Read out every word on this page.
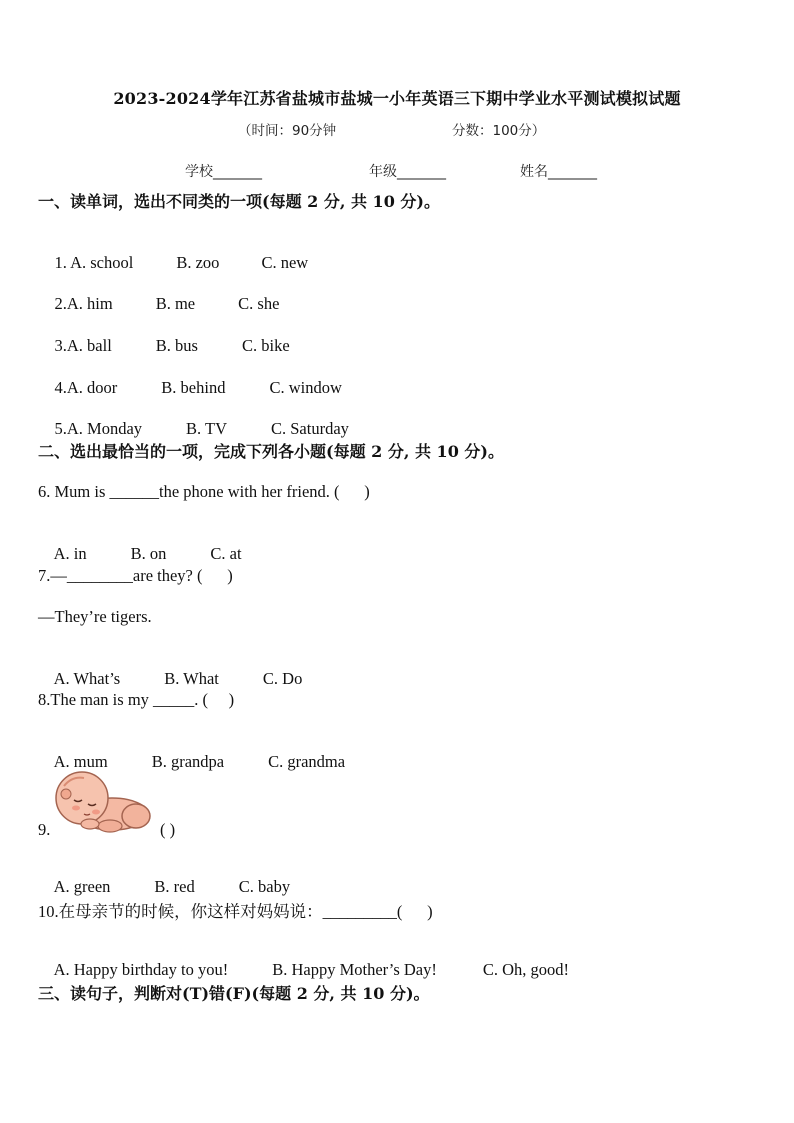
2023-2024学年江苏省盐城市盐城一小年英语三下期中学业水平测试模拟试题
（时间：90分钟	分数：100分）
学校_______	年级_______	姓名_______
一、读单词，选出不同类的一项(每题 2 分, 共 10 分)。

1. A. school	B. zoo	C. new

2.A. him	B. me	C. she

3.A. ball	B. bus	C. bike

4.A. door	B. behind	C. window

5.A. Monday	B. TV	C. Saturday

二、选出最恰当的一项，完成下列各小题(每题 2 分, 共 10 分)。
6. Mum is ______the phone with her friend. (      )

A. in	B. on	C. at

7.—________are they? (      )
—They’re tigers.

A. What’s	B. What	C. Do

8.The man is my _____. (     )

A. mum	B. grandpa	C. grandma

9.	( )

A. green	B. red	C. baby

10.在母亲节的时候，你这样对妈妈说：_________(      )

A. Happy birthday to you!	B. Happy Mother’s Day!	C. Oh, good!

三、读句子，判断对(T)错(F)(每题 2 分, 共 10 分)。
